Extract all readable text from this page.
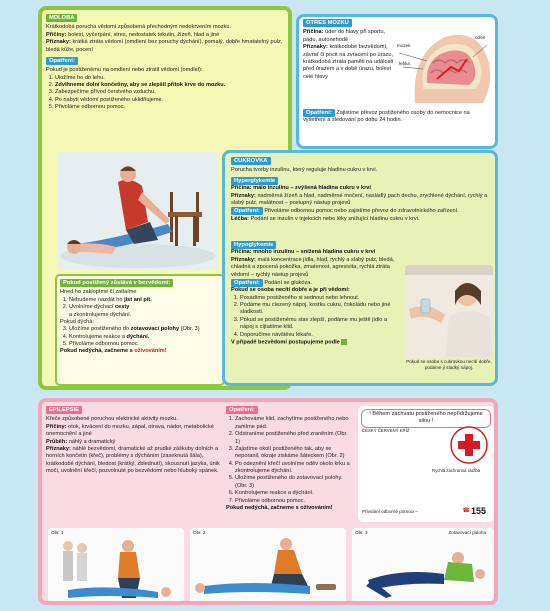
MDLOBA

Krátkodobá porucha vědomí způsobená přechodným nedokrvením mozku.

Příčiny: bolest, vyčerpání, stres, nedostatek tekutin, žízeň, hlad a jiné

Příznaky: krátká ztráta vědomí (omdlení bez poruchy dýchání), pomalý, dobře hmatatelný pulz, bledá kůže, pocení

Opatření:

Pokud je postiženému na omdlení nebo ztratil vědomí (omdlel):

1. Uložíme ho do lehu.
2. Zdvihneme dolní končetiny, aby se zlepšil přítok krve do mozku.
3. Zabezpečíme přívod čerstvého vzduchu.
4. Po nabytí vědomí postiženého uklidňujeme.
5. Přivoláme odbornou pomoc.
Pokud postižený zůstává v bezvědomí:

Hned ho zaklopíme či zatlaíme

1. Nebudeme nazdát ho jist ani pít.
2. Uvolníme dýchací cesty
a zkontrolujeme dýchání.

Pokud dýchá:

3. Uložíme postiženého do zotavovací polohy (Obr. 3)
4. Kontrolujeme reakce a dýchání.
5. Přivoláme odbornou pomoc.

Pokud nedýchá, začneme s oživováním!

OTRES MOZKU

Příčina: úder do hlavy při sportu, pádu, autonehodě

Příznaky: krátkodobé bezvědomí, závrať či pocit na zvracení po úrazu, krátkodobá ztráta paměti na události před úrazem a v době úrazu, bolest celé hlavy

Opatření: Zajistíme převoz postiženého osoby do nemocnice na vyšetření a sledování po dobu 24 hodin.
mozek
lebka
otřes
CUKROVKA

Porucha tvorby inzulínu, který reguluje hladinu cukru v krvi.

Hyperglykemie

Příčina: málo inzulínu – zvýšená hladina cukru v krvi

Příznaky: nadměrná žízeň a hlad, nadměrné močení, nasládlý pach dechu, zrychlené dýchání, rychlý a slabý pulz, malátnost – postupný nástup projevů

Opatření: Přivoláme odbornou pomoc nebo zajistíme převoz do zdravotnického zařízení.

Léčba: Podání se inzulín v injekcích nebo léky snižující hladinu cukru v krvi.

Hypoglykemie

Příčina: mnoho inzulínu – snížená hladina cukru v krvi

Příznaky: malá koncentrace jídla, hlad, rychlý a slabý pulz, bledá, chladná a zpocená pokožka, zmatenost, agresivita, rychlá ztráta vědomí – rychlý nástup projevů

Opatření: Podání se glukóza.

Pokud se osoba necítí dobře a je při vědomí:

1. Posadíme postiženého si sednout nebo lehnout.
2. Podáme mu cíezený nápoj, kostku cukru, čokoládu nebo jiné sladkosti.
3. Pokud se postiženému stav zlepší, podáme mu ještě jídlo a nápoj s cíjtatiíme klid.
4. Doporučíme návštěvu lékaře.

V případě bezvědomí postupujeme podle

Pokud se osoba s cukrovkou necítí dobře, podáme jí sladký nápoj.

EPILEPSIE

Křeče způsobené poruchou elektrické aktivity mozku.

Příčiny: otok, krvácení do mozku, zápal, otrava, nádor, metabolické onemocnění a jiné

Průběh: náhlý a dramatický

Příznaky: náhlé bezvědomí, dramatické až prudké záškuby dolních a horních končetin (křeč), problémy s dýcháním (zaseknutá šála), krátkodobé dýchání, bledost (krátký, zblednutí), skousnutí jazyka, únik moči, uvolnění křečí, pozvolnuté po bezvědomí nebo hluboký spánek.

Opatření:
1. Zachováme klid, zachytíme postiženého nebo zamíme pád.
2. Odstraníme postiženého před zraněním (Obr. 1)
3. Zajistíme okolí postiženého tak, aby se neporanil, okraje ziskáme šáteckem (Obr. 2)
4. Po odeznění křečí uvolníme oděv okolo krku a zkontrolujeme dýchání.
5. Uložíme postiženého do zotavovací polohy. (Obr. 3)
6. Kontrolujeme reakce a dýchání.
7. Přivoláme odbornou pomoc.

Pokud nedýchá, začneme s oživováním!

! Během záchvatu postiženého nepřidržujeme silou !

ČESKÝ ČERVENÝ KŘÍŽ

Rychlá záchranná služba

Přivolání odborné pomoci –	☎ 155
Obr. 1	Obr. 2	Obr. 3	Zotavovací poloha
